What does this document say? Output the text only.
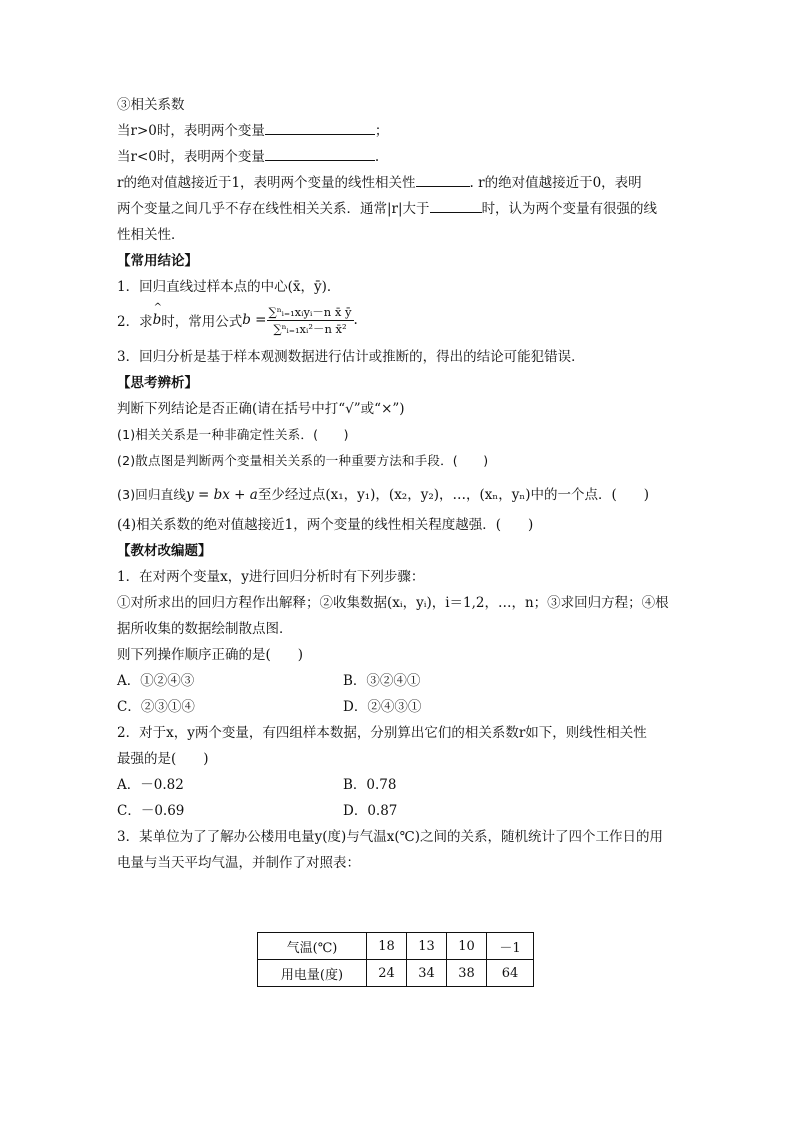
③相关系数
当r>0时，表明两个变量	；
当r<0时，表明两个变量	.
r的绝对值越接近于1，表明两个变量的线性相关性	. r的绝对值越接近于0，表明
两个变量之间几乎不存在线性相关关系．通常|r|大于	时，认为两个变量有很强的线
性相关性．
【常用结论】
1．回归直线过样本点的中心(x̄，ȳ)．
2．求 ^ b 时，常用公式 $b = \frac{\text{∑ⁿᵢ₌₁xᵢyᵢ－n x̄ ȳ}}{\text{∑ⁿᵢ₌₁xᵢ²－n x̄²}}$ .
3．回归分析是基于样本观测数据进行估计或推断的，得出的结论可能犯错误．
【思考辨析】
判断下列结论是否正确(请在括号中打“√”或“×”)
(1)相关关系是一种非确定性关系．(　　)
(2)散点图是判断两个变量相关关系的一种重要方法和手段．(　　)
(3)回归直线y = bx + a至少经过点(x₁，y₁)，(x₂，y₂)，…，(xₙ，yₙ)中的一个点．(　　)
(4)相关系数的绝对值越接近1，两个变量的线性相关程度越强．(　　)
【教材改编题】
1．在对两个变量x，y进行回归分析时有下列步骤：
①对所求出的回归方程作出解释；②收集数据(xᵢ，yᵢ)，i＝1,2，…，n；③求回归方程；④根
据所收集的数据绘制散点图．
则下列操作顺序正确的是(　　)
A．①②④③	B．③②④①
C．②③①④	D．②④③①
2．对于x，y两个变量，有四组样本数据，分别算出它们的相关系数r如下，则线性相关性
最强的是(　　)
A．－0.82	B．0.78
C．－0.69	D．0.87
3．某单位为了了解办公楼用电量y(度)与气温x(℃)之间的关系，随机统计了四个工作日的用
电量与当天平均气温，并制作了对照表：
气温(℃)	18	13	10	－1
用电量(度)	24	34	38	64
